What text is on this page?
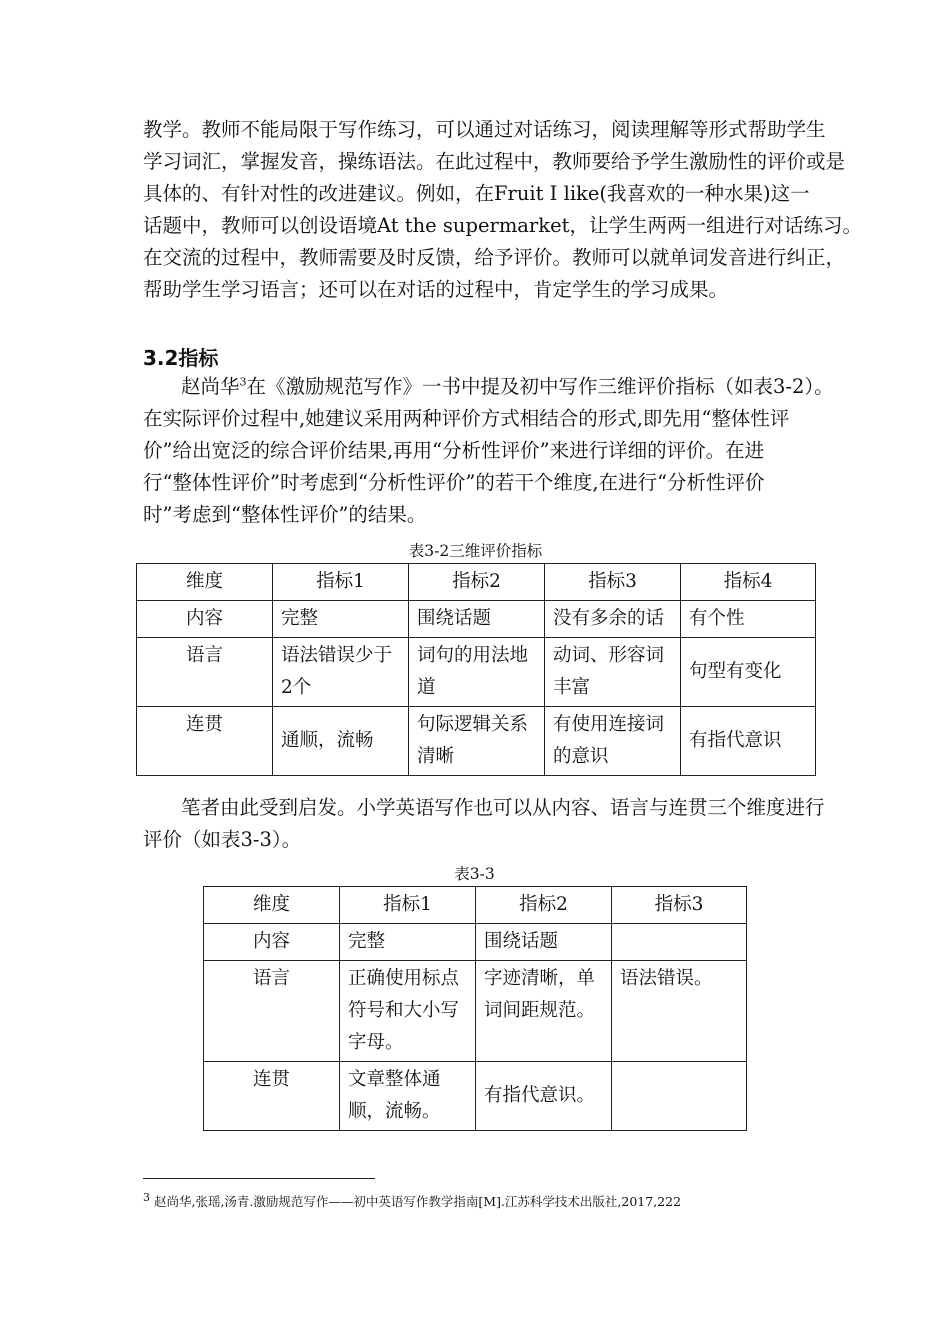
教学。教师不能局限于写作练习，可以通过对话练习，阅读理解等形式帮助学生
学习词汇，掌握发音，操练语法。在此过程中，教师要给予学生激励性的评价或是
具体的、有针对性的改进建议。例如，在Fruit I like(我喜欢的一种水果)这一
话题中，教师可以创设语境At the supermarket，让学生两两一组进行对话练习。
在交流的过程中，教师需要及时反馈，给予评价。教师可以就单词发音进行纠正，
帮助学生学习语言；还可以在对话的过程中，肯定学生的学习成果。
3.2指标
赵尚华$^3$在《激励规范写作》一书中提及初中写作三维评价指标（如表3-2）。
在实际评价过程中,她建议采用两种评价方式相结合的形式,即先用“整体性评
价”给出宽泛的综合评价结果,再用“分析性评价”来进行详细的评价。在进
行“整体性评价”时考虑到“分析性评价”的若干个维度,在进行“分析性评价
时”考虑到“整体性评价”的结果。

表3-2三维评价指标

维度	指标1	指标2	指标3	指标4
内容	完整	围绕话题	没有多余的话	有个性
语言	语法错误少于2个	词句的用法地道	动词、形容词丰富	句型有变化
连贯	通顺，流畅	句际逻辑关系清晰	有使用连接词的意识	有指代意识
笔者由此受到启发。小学英语写作也可以从内容、语言与连贯三个维度进行
评价（如表3-3）。

表3-3

维度	指标1	指标2	指标3
内容	完整	围绕话题	
语言	正确使用标点符号和大小写字母。	字迹清晰，单词间距规范。	语法错误。
连贯	文章整体通顺，流畅。	有指代意识。	

3 赵尚华,张瑶,汤青.激励规范写作——初中英语写作教学指南[M].江苏科学技术出版社,2017,222
